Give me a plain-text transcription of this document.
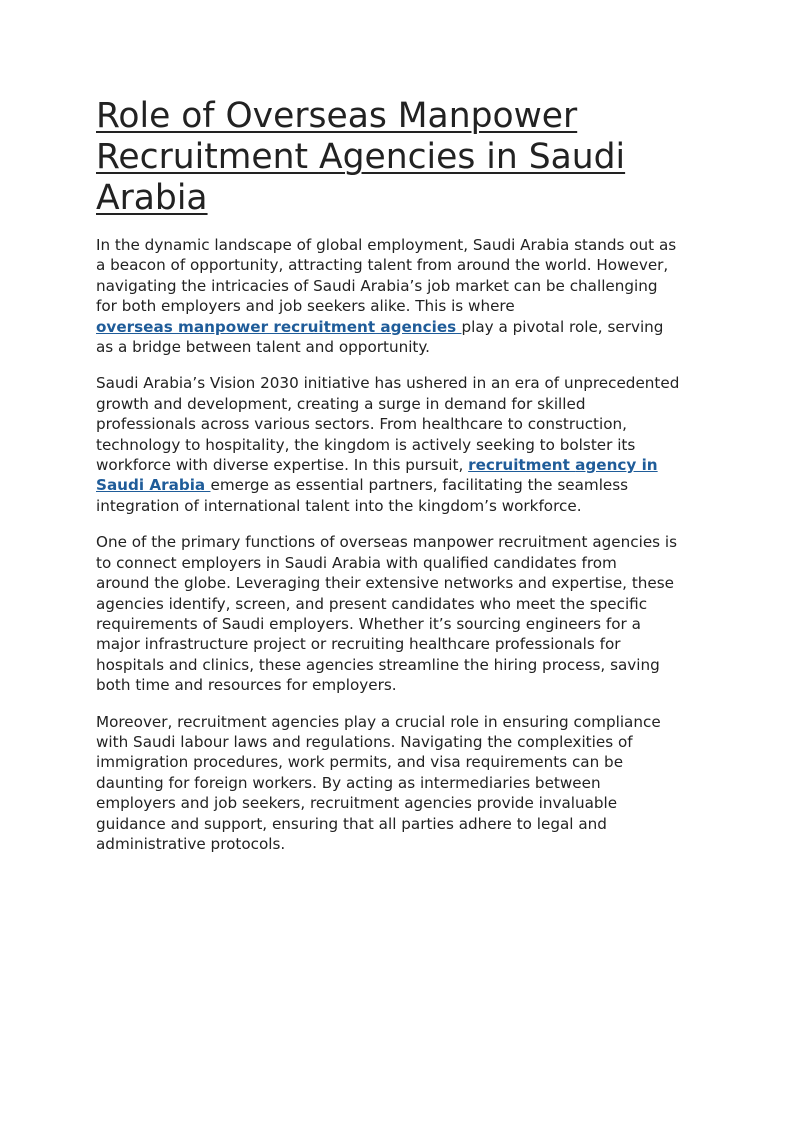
Role of Overseas Manpower
Recruitment Agencies in Saudi
Arabia

In the dynamic landscape of global employment, Saudi Arabia stands out as
a beacon of opportunity, attracting talent from around the world. However,
navigating the intricacies of Saudi Arabia’s job market can be challenging
for both employers and job seekers alike. This is where
overseas manpower recruitment agencies play a pivotal role, serving
as a bridge between talent and opportunity.

Saudi Arabia’s Vision 2030 initiative has ushered in an era of unprecedented
growth and development, creating a surge in demand for skilled
professionals across various sectors. From healthcare to construction,
technology to hospitality, the kingdom is actively seeking to bolster its
workforce with diverse expertise. In this pursuit, recruitment agency in
Saudi Arabia emerge as essential partners, facilitating the seamless
integration of international talent into the kingdom’s workforce.

One of the primary functions of overseas manpower recruitment agencies is
to connect employers in Saudi Arabia with qualified candidates from
around the globe. Leveraging their extensive networks and expertise, these
agencies identify, screen, and present candidates who meet the specific
requirements of Saudi employers. Whether it’s sourcing engineers for a
major infrastructure project or recruiting healthcare professionals for
hospitals and clinics, these agencies streamline the hiring process, saving
both time and resources for employers.

Moreover, recruitment agencies play a crucial role in ensuring compliance
with Saudi labour laws and regulations. Navigating the complexities of
immigration procedures, work permits, and visa requirements can be
daunting for foreign workers. By acting as intermediaries between
employers and job seekers, recruitment agencies provide invaluable
guidance and support, ensuring that all parties adhere to legal and
administrative protocols.
